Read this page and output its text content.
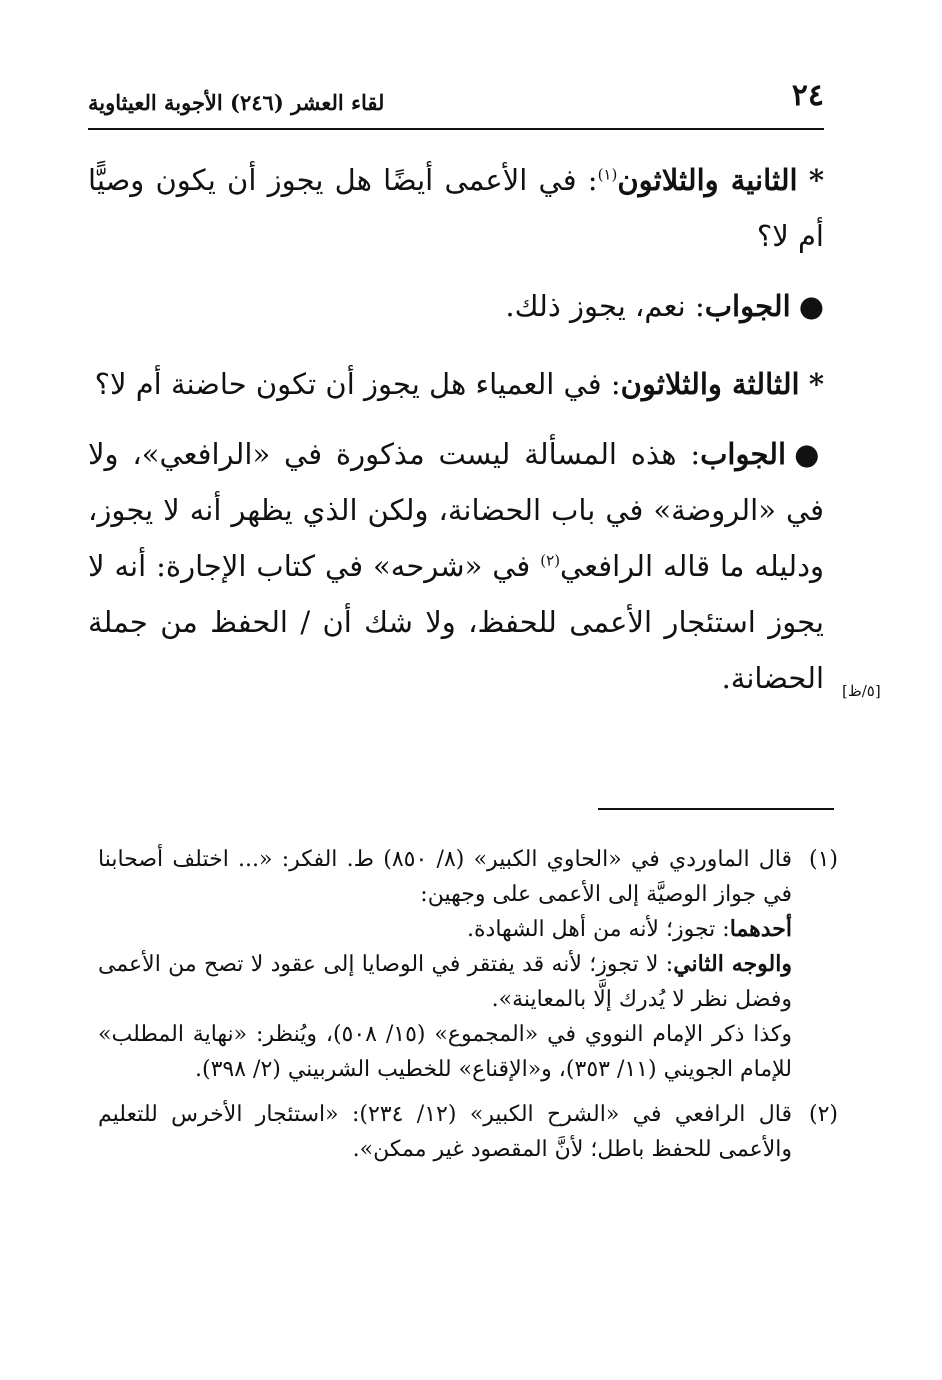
٢٤
لقاء العشر (٢٤٦) الأجوبة العيثاوية

* الثانية والثلاثون$^{(١)}$: في الأعمى أيضًا هل يجوز أن يكون وصيًّا أم لا؟

●الجواب: نعم، يجوز ذلك.

* الثالثة والثلاثون: في العمياء هل يجوز أن تكون حاضنة أم لا؟

●الجواب: هذه المسألة ليست مذكورة في «الرافعي»، ولا في «الروضة» في باب الحضانة، ولكن الذي يظهر أنه لا يجوز، ودليله ما قاله الرافعي$^{(٢)}$ في «شرحه» في كتاب الإجارة: أنه لا يجوز استئجار الأعمى للحفظ، ولا شك أن / الحفظ من جملة الحضانة. [٥/ظ]
(١)
قال الماوردي في «الحاوي الكبير» (٨/ ٨٥٠) ط. الفكر: «... اختلف أصحابنا في جواز الوصيَّة إلى الأعمى على وجهين:
أحدهما: تجوز؛ لأنه من أهل الشهادة.
والوجه الثاني: لا تجوز؛ لأنه قد يفتقر في الوصايا إلى عقود لا تصح من الأعمى وفضل نظر لا يُدرك إلَّا بالمعاينة».
وكذا ذكر الإمام النووي في «المجموع» (١٥/ ٥٠٨)، ويُنظر: «نهاية المطلب» للإمام الجويني (١١/ ٣٥٣)، و«الإقناع» للخطيب الشربيني (٢/ ٣٩٨).
(٢)
قال الرافعي في «الشرح الكبير» (١٢/ ٢٣٤): «استئجار الأخرس للتعليم والأعمى للحفظ باطل؛ لأنَّ المقصود غير ممكن».
